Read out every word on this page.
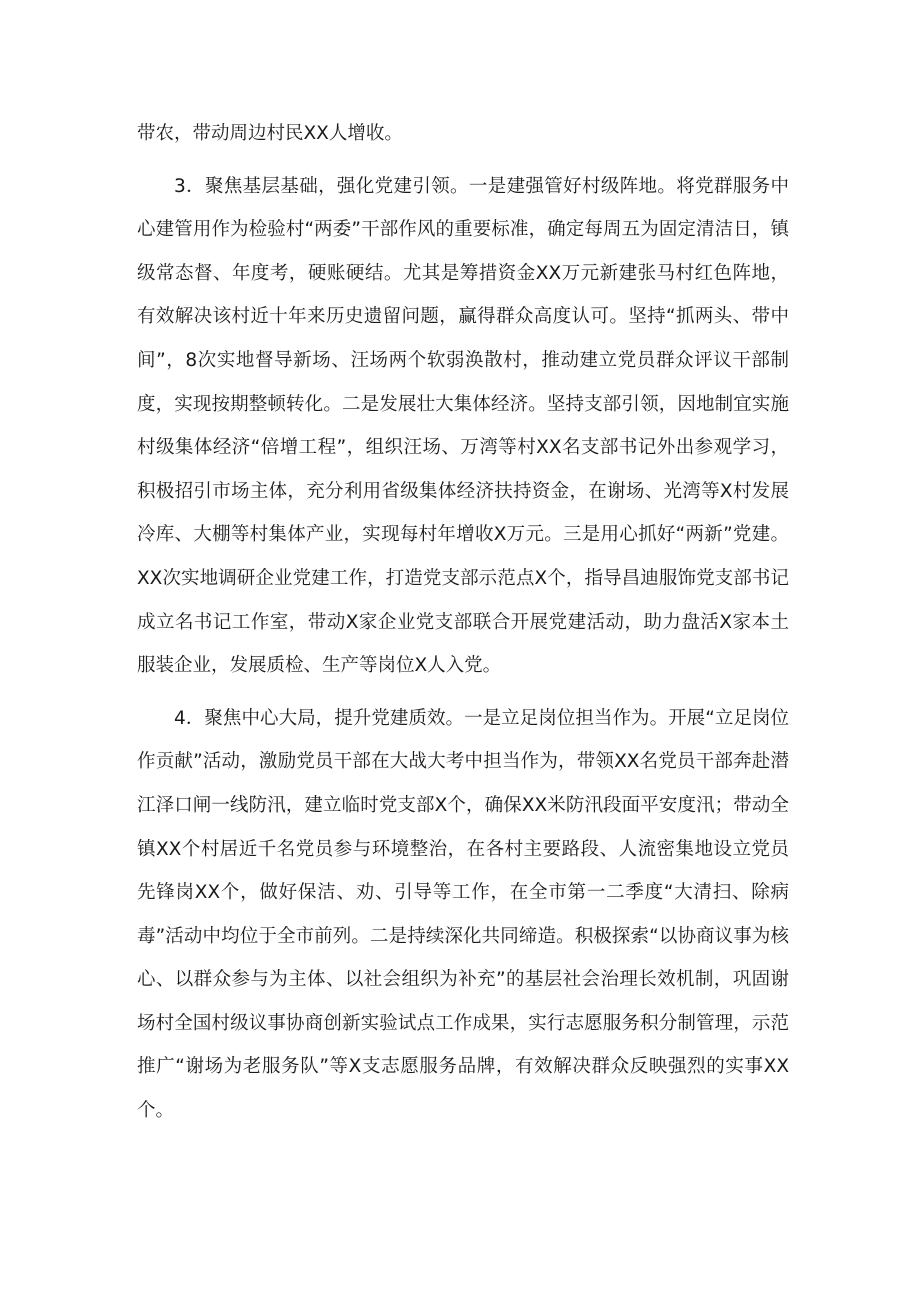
带农，带动周边村民XX人增收。

3．聚焦基层基础，强化党建引领。一是建强管好村级阵地。将党群服务中心建管用作为检验村“两委”干部作风的重要标准，确定每周五为固定清洁日，镇级常态督、年度考，硬账硬结。尤其是筹措资金XX万元新建张马村红色阵地，有效解决该村近十年来历史遗留问题，赢得群众高度认可。坚持“抓两头、带中间”，8次实地督导新场、汪场两个软弱涣散村，推动建立党员群众评议干部制度，实现按期整顿转化。二是发展壮大集体经济。坚持支部引领，因地制宜实施村级集体经济“倍增工程”，组织汪场、万湾等村XX名支部书记外出参观学习，积极招引市场主体，充分利用省级集体经济扶持资金，在谢场、光湾等X村发展冷库、大棚等村集体产业，实现每村年增收X万元。三是用心抓好“两新”党建。XX次实地调研企业党建工作，打造党支部示范点X个，指导昌迪服饰党支部书记成立名书记工作室，带动X家企业党支部联合开展党建活动，助力盘活X家本土服装企业，发展质检、生产等岗位X人入党。

4．聚焦中心大局，提升党建质效。一是立足岗位担当作为。开展“立足岗位作贡献”活动，激励党员干部在大战大考中担当作为，带领XX名党员干部奔赴潜江泽口闸一线防汛，建立临时党支部X个，确保XX米防汛段面平安度汛；带动全镇XX个村居近千名党员参与环境整治，在各村主要路段、人流密集地设立党员先锋岗XX个，做好保洁、劝、引导等工作，在全市第一二季度“大清扫、除病毒”活动中均位于全市前列。二是持续深化共同缔造。积极探索“以协商议事为核心、以群众参与为主体、以社会组织为补充”的基层社会治理长效机制，巩固谢场村全国村级议事协商创新实验试点工作成果，实行志愿服务积分制管理，示范推广“谢场为老服务队”等X支志愿服务品牌，有效解决群众反映强烈的实事XX个。
